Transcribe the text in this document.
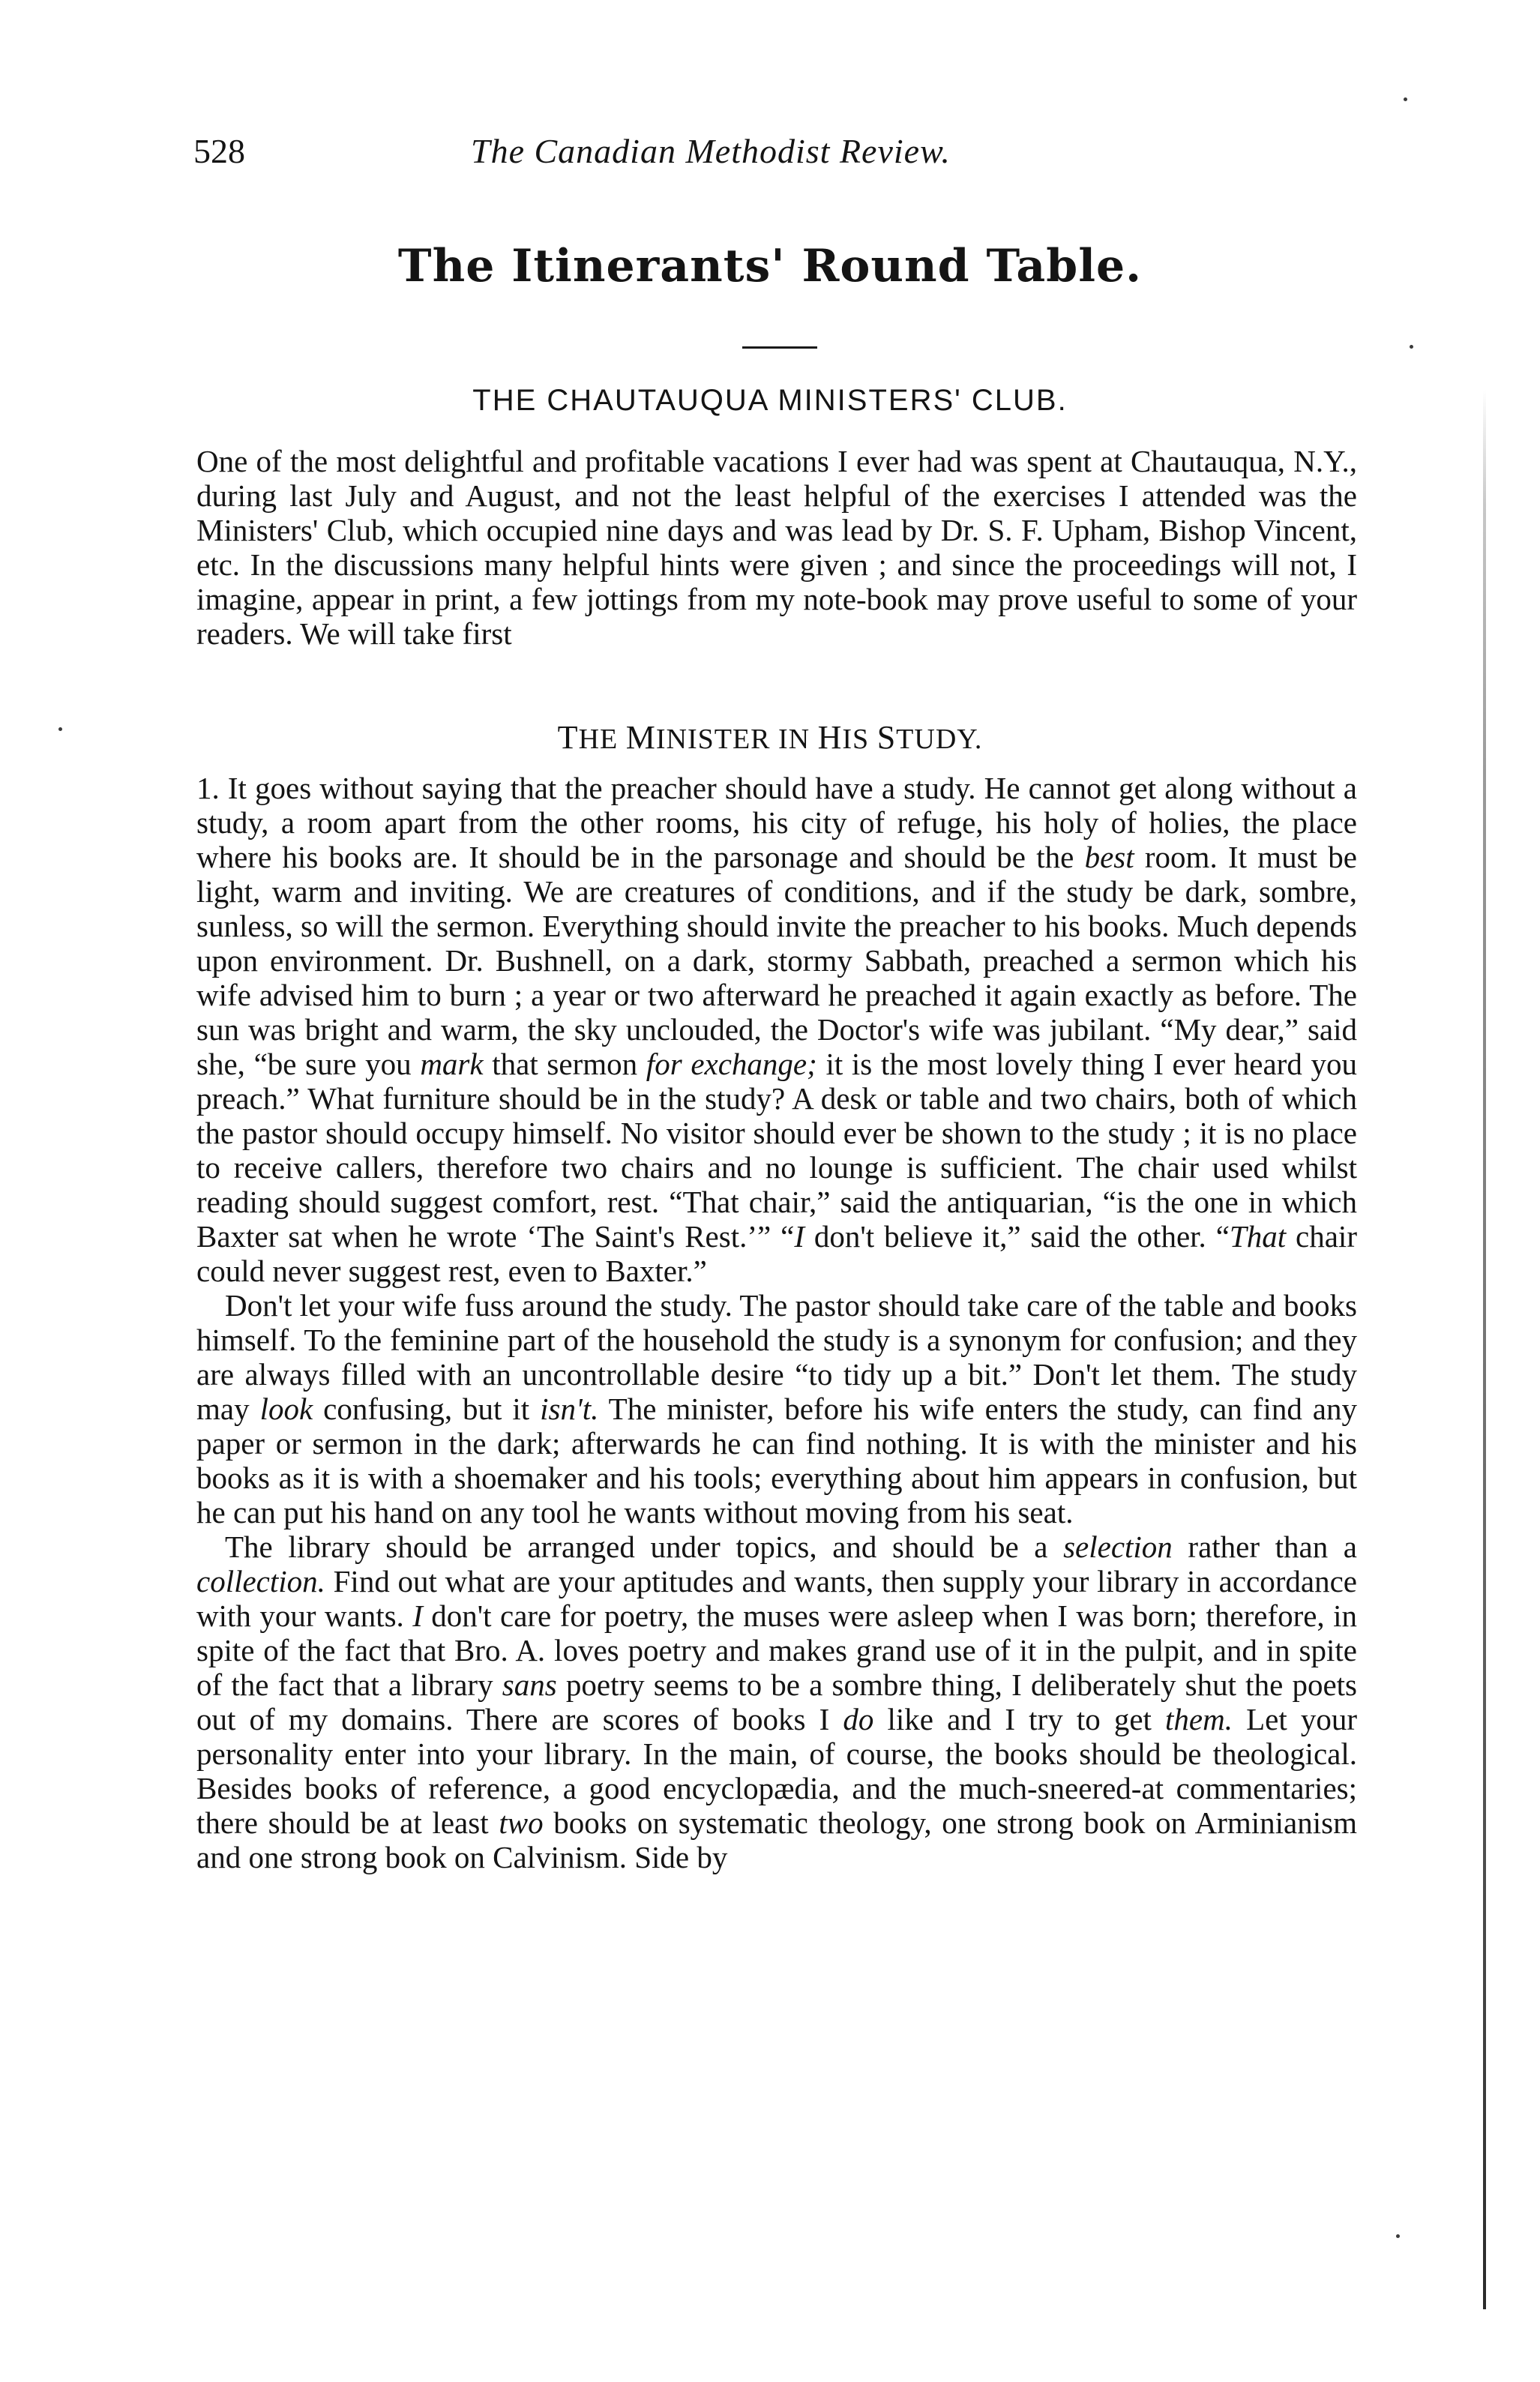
528	The Canadian Methodist Review.
The Itinerants' Round Table.
THE CHAUTAUQUA MINISTERS' CLUB.

One of the most delightful and profitable vacations I ever had was spent at Chautauqua, N.Y., during last July and August, and not the least helpful of the exercises I attended was the Ministers' Club, which occupied nine days and was lead by Dr. S. F. Upham, Bishop Vincent, etc. In the discussions many helpful hints were given ; and since the proceedings will not, I imagine, appear in print, a few jottings from my note-book may prove useful to some of your readers. We will take first

THE MINISTER IN HIS STUDY.

1. It goes without saying that the preacher should have a study. He cannot get along without a study, a room apart from the other rooms, his city of refuge, his holy of holies, the place where his books are. It should be in the parsonage and should be the best room. It must be light, warm and inviting. We are creatures of conditions, and if the study be dark, sombre, sunless, so will the sermon. Everything should invite the preacher to his books. Much depends upon environment. Dr. Bushnell, on a dark, stormy Sabbath, preached a sermon which his wife advised him to burn ; a year or two afterward he preached it again exactly as before. The sun was bright and warm, the sky unclouded, the Doctor's wife was jubilant. “My dear,” said she, “be sure you mark that sermon for exchange; it is the most lovely thing I ever heard you preach.” What furniture should be in the study? A desk or table and two chairs, both of which the pastor should occupy himself. No visitor should ever be shown to the study ; it is no place to receive callers, therefore two chairs and no lounge is sufficient. The chair used whilst reading should suggest comfort, rest. “That chair,” said the antiquarian, “is the one in which Baxter sat when he wrote ‘The Saint's Rest.’” “I don't believe it,” said the other. “That chair could never suggest rest, even to Baxter.”

Don't let your wife fuss around the study. The pastor should take care of the table and books himself. To the feminine part of the household the study is a synonym for confusion; and they are always filled with an uncontrollable desire “to tidy up a bit.” Don't let them. The study may look confusing, but it isn't. The minister, before his wife enters the study, can find any paper or sermon in the dark; afterwards he can find nothing. It is with the minister and his books as it is with a shoemaker and his tools; everything about him appears in confusion, but he can put his hand on any tool he wants without moving from his seat.

The library should be arranged under topics, and should be a selection rather than a collection. Find out what are your aptitudes and wants, then supply your library in accordance with your wants. I don't care for poetry, the muses were asleep when I was born; therefore, in spite of the fact that Bro. A. loves poetry and makes grand use of it in the pulpit, and in spite of the fact that a library sans poetry seems to be a sombre thing, I deliberately shut the poets out of my domains. There are scores of books I do like and I try to get them. Let your personality enter into your library. In the main, of course, the books should be theological. Besides books of reference, a good encyclopædia, and the much-sneered-at commentaries; there should be at least two books on systematic theology, one strong book on Arminianism and one strong book on Calvinism. Side by
